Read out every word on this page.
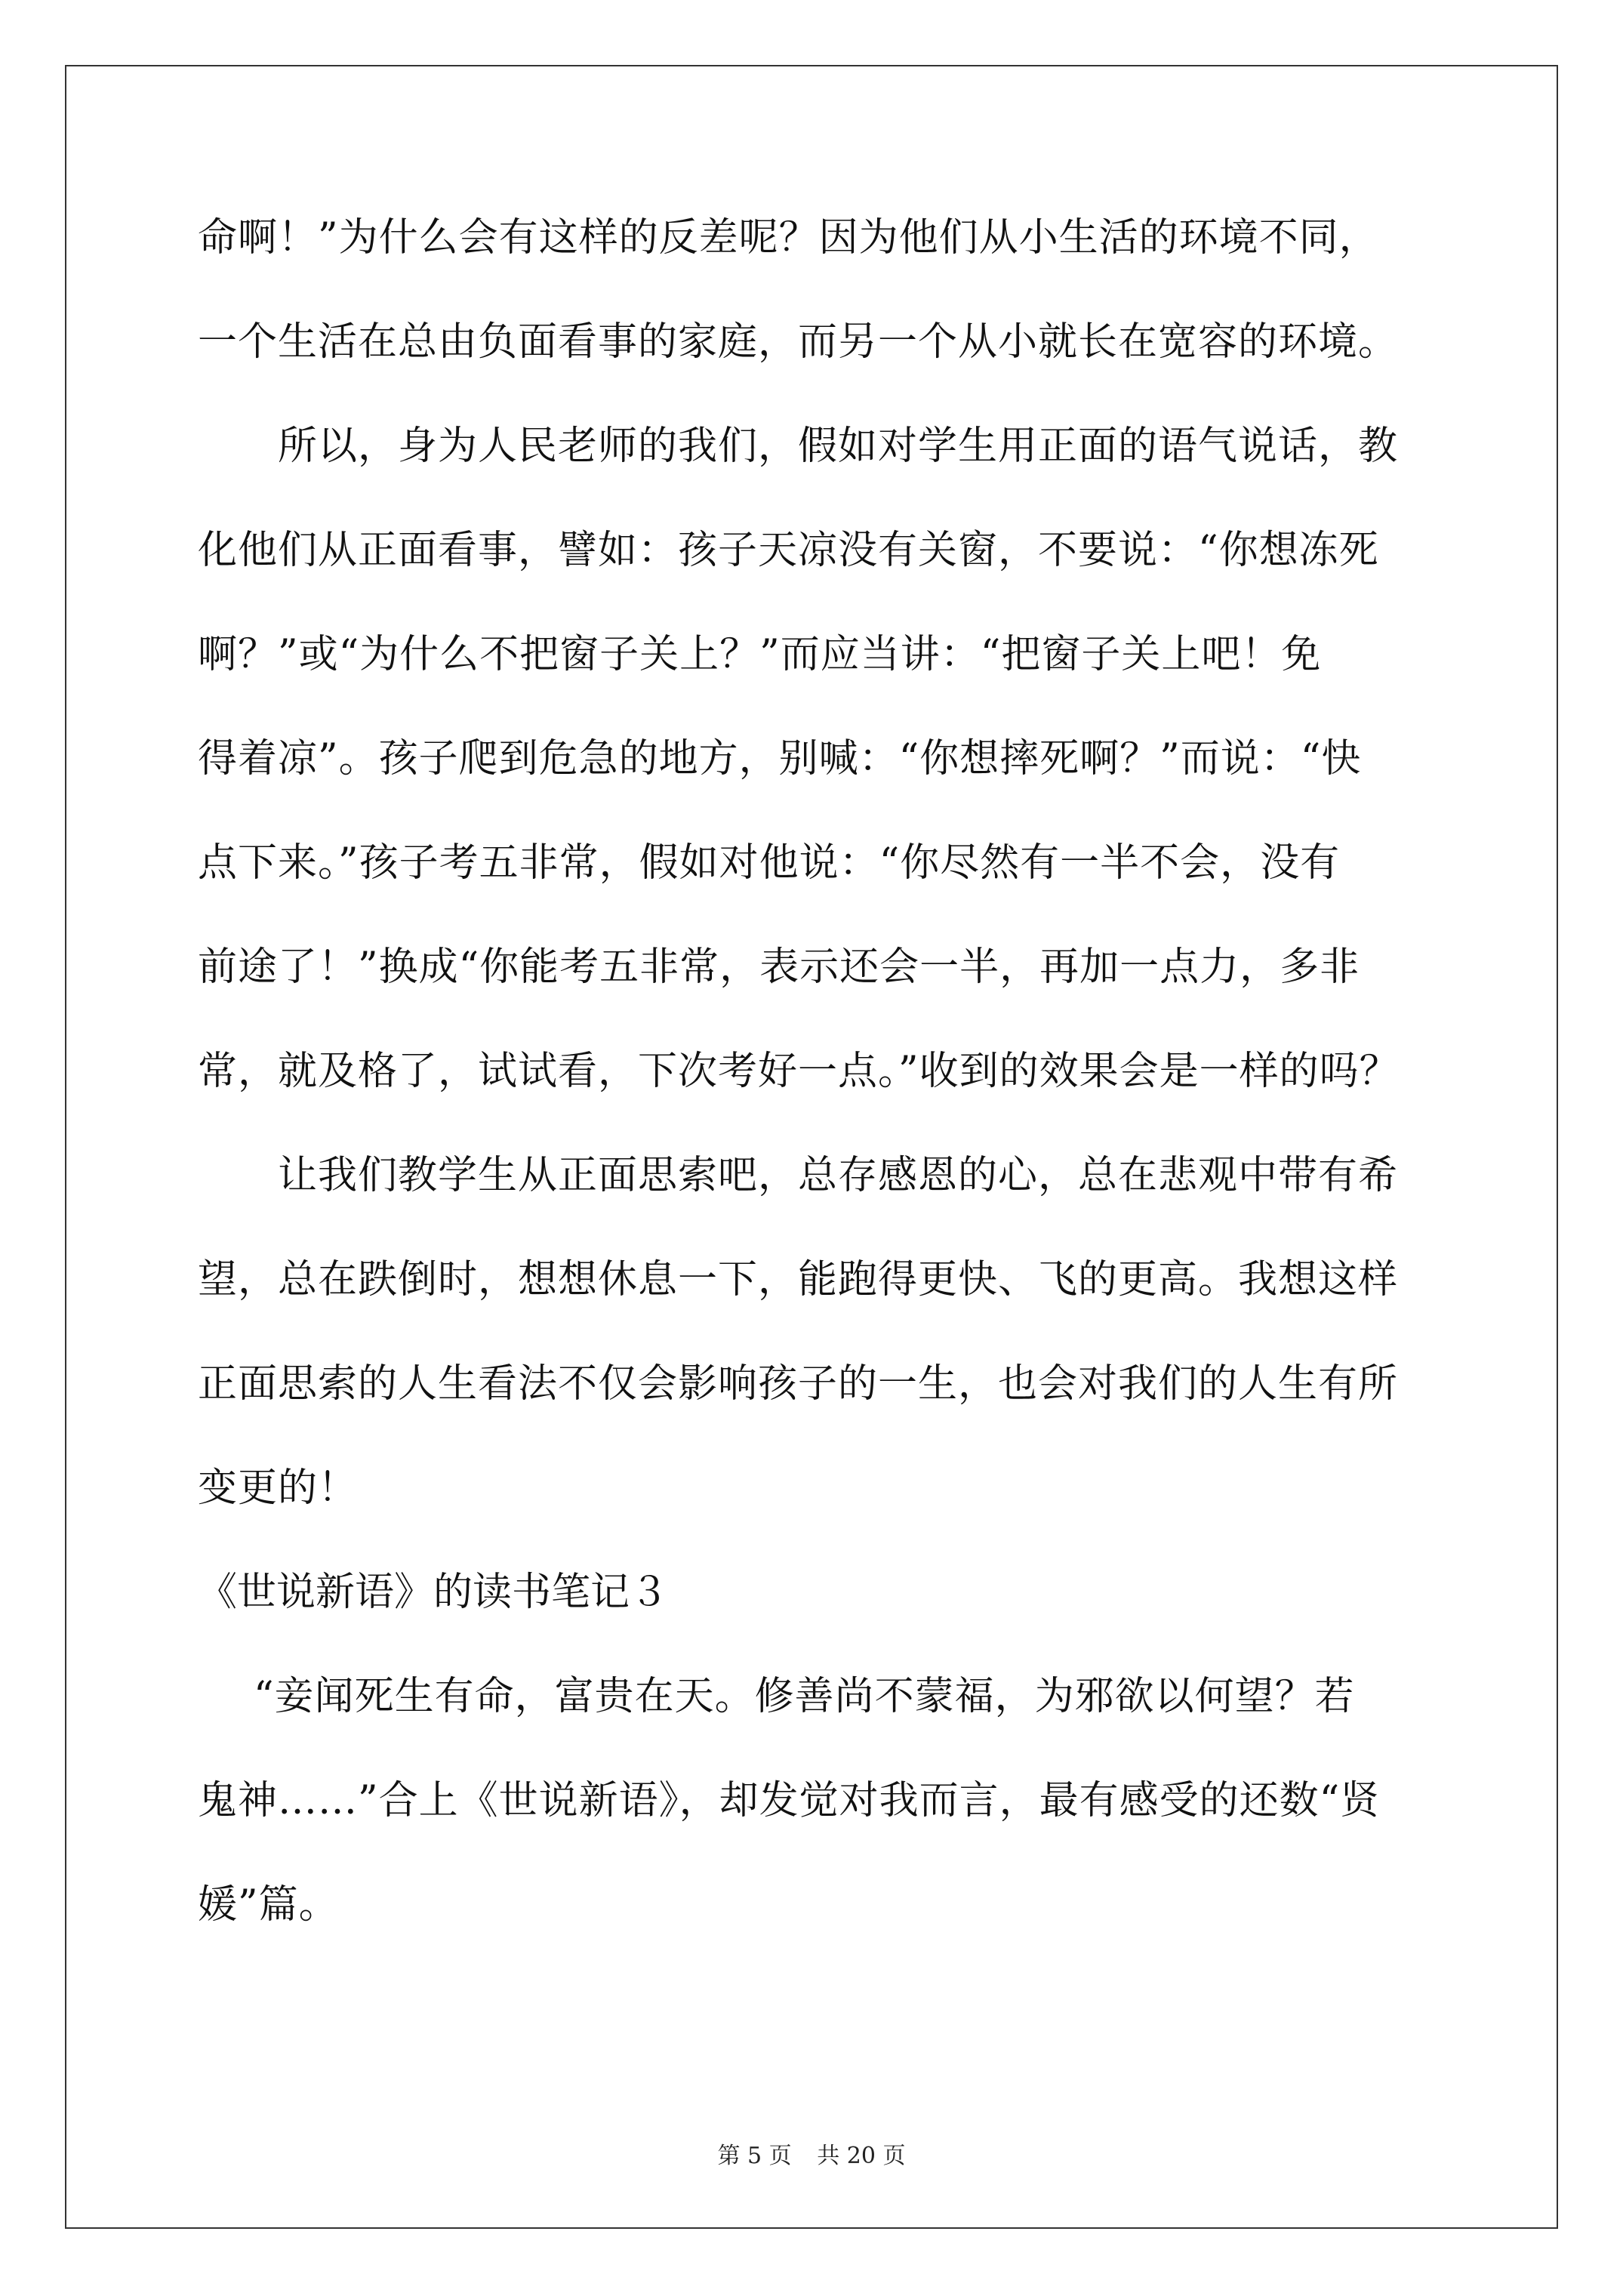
命啊！”为什么会有这样的反差呢？因为他们从小生活的环境不同，
一个生活在总由负面看事的家庭，而另一个从小就长在宽容的环境。
所以，身为人民老师的我们，假如对学生用正面的语气说话，教
化他们从正面看事，譬如：孩子天凉没有关窗，不要说：“你想冻死
啊？”或“为什么不把窗子关上？”而应当讲：“把窗子关上吧！免
得着凉”。孩子爬到危急的地方，别喊：“你想摔死啊？”而说：“快
点下来。”孩子考五非常，假如对他说：“你尽然有一半不会，没有
前途了！”换成“你能考五非常，表示还会一半，再加一点力，多非
常，就及格了，试试看，下次考好一点。”收到的效果会是一样的吗？
让我们教学生从正面思索吧，总存感恩的心，总在悲观中带有希
望，总在跌倒时，想想休息一下，能跑得更快、飞的更高。我想这样
正面思索的人生看法不仅会影响孩子的一生，也会对我们的人生有所
变更的！
《世说新语》的读书笔记３
“妾闻死生有命，富贵在天。修善尚不蒙福，为邪欲以何望？若
鬼神……”合上《世说新语》，却发觉对我而言，最有感受的还数“贤
媛”篇。
第 5 页 共 20 页
